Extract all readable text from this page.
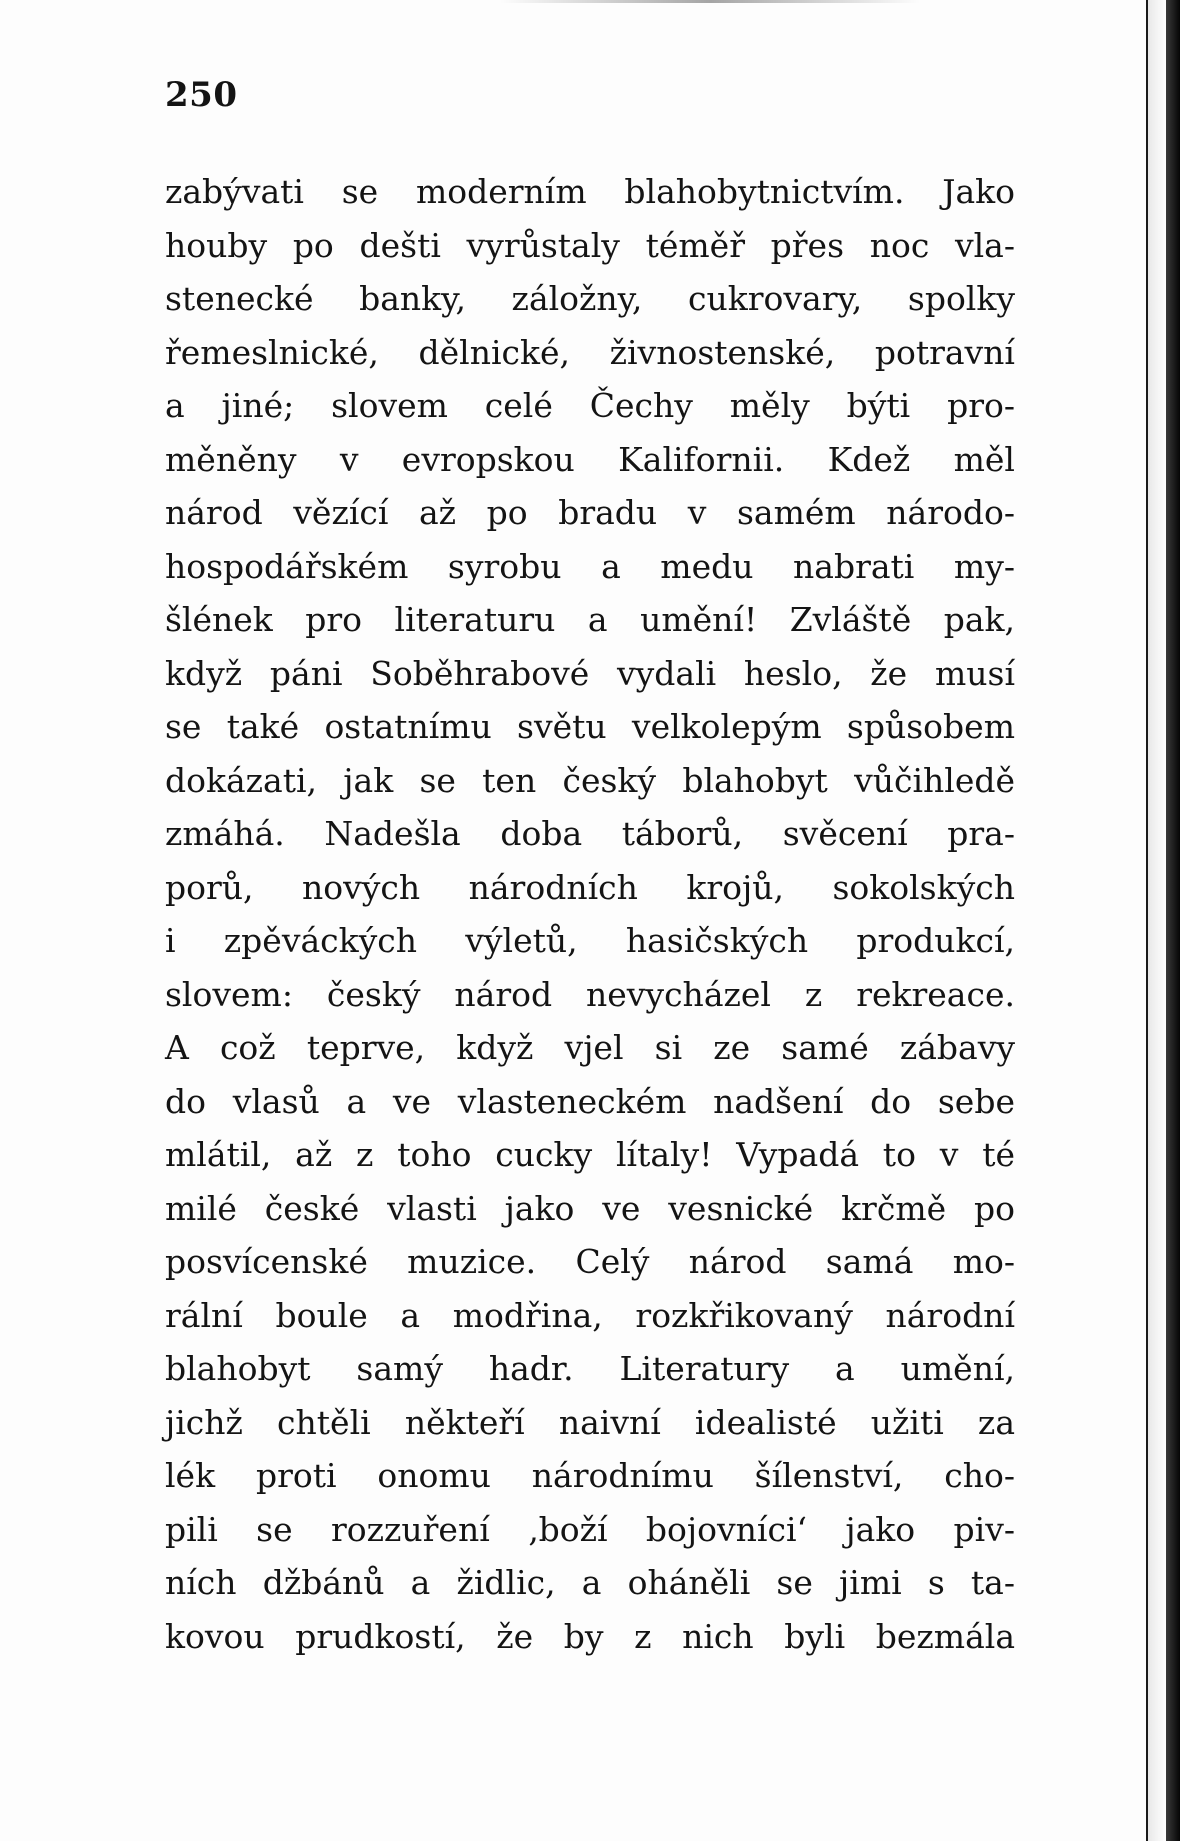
250
zabývati se moderním blahobytnictvím. Jako
houby po dešti vyrůstaly téměř přes noc vla-
stenecké banky, záložny, cukrovary, spolky
řemeslnické, dělnické, živnostenské, potravní
a jiné; slovem celé Čechy měly býti pro-
měněny v evropskou Kalifornii. Kdež měl
národ vězící až po bradu v samém národo-
hospodářském syrobu a medu nabrati my-
šlének pro literaturu a umění! Zvláště pak,
když páni Soběhrabové vydali heslo, že musí
se také ostatnímu světu velkolepým spůsobem
dokázati, jak se ten český blahobyt vůčihledě
zmáhá. Nadešla doba táborů, svěcení pra-
porů, nových národních krojů, sokolských
i zpěváckých výletů, hasičských produkcí,
slovem: český národ nevycházel z rekreace.
A což teprve, když vjel si ze samé zábavy
do vlasů a ve vlasteneckém nadšení do sebe
mlátil, až z toho cucky lítaly! Vypadá to v té
milé české vlasti jako ve vesnické krčmě po
posvícenské muzice. Celý národ samá mo-
rální boule a modřina, rozkřikovaný národní
blahobyt samý hadr. Literatury a umění,
jichž chtěli někteří naivní idealisté užiti za
lék proti onomu národnímu šílenství, cho-
pili se rozzuření ‚boží bojovníci‘ jako piv-
ních džbánů a židlic, a oháněli se jimi s ta-
kovou prudkostí, že by z nich byli bezmála
